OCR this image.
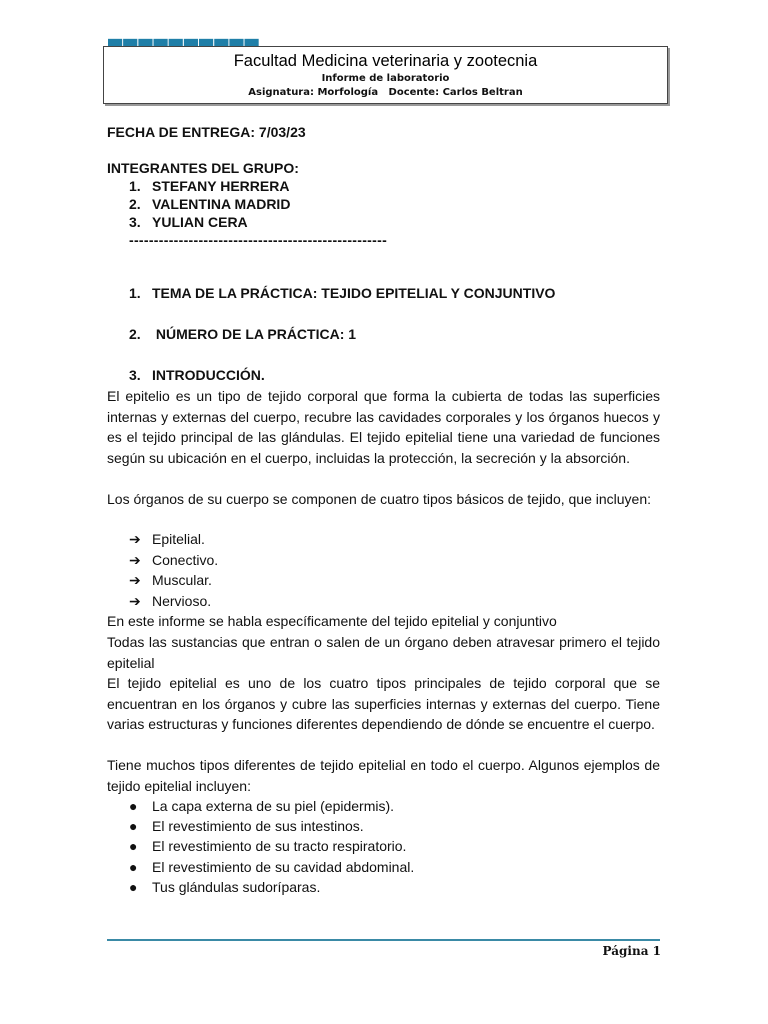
Facultad Medicina veterinaria y zootecnia
Informe de laboratorio
Asignatura: Morfología   Docente: Carlos Beltran
FECHA DE ENTREGA: 7/03/23
INTEGRANTES DEL GRUPO:
1. STEFANY HERRERA
2. VALENTINA MADRID
3. YULIAN CERA
----------------------------------------------------
1. TEMA DE LA PRÁCTICA: TEJIDO EPITELIAL Y CONJUNTIVO
2. NÚMERO DE LA PRÁCTICA: 1
3. INTRODUCCIÓN.

El epitelio es un tipo de tejido corporal que forma la cubierta de todas las superficies internas y externas del cuerpo, recubre las cavidades corporales y los órganos huecos y es el tejido principal de las glándulas. El tejido epitelial tiene una variedad de funciones según su ubicación en el cuerpo, incluidas la protección, la secreción y la absorción.

Los órganos de su cuerpo se componen de cuatro tipos básicos de tejido, que incluyen:

➔ Epitelial.
➔ Conectivo.
➔ Muscular.
➔ Nervioso.

En este informe se habla específicamente del tejido epitelial y conjuntivo

Todas las sustancias que entran o salen de un órgano deben atravesar primero el tejido epitelial

El tejido epitelial es uno de los cuatro tipos principales de tejido corporal que se encuentran en los órganos y cubre las superficies internas y externas del cuerpo. Tiene varias estructuras y funciones diferentes dependiendo de dónde se encuentre el cuerpo.

Tiene muchos tipos diferentes de tejido epitelial en todo el cuerpo. Algunos ejemplos de tejido epitelial incluyen:

● La capa externa de su piel (epidermis).
● El revestimiento de sus intestinos.
● El revestimiento de su tracto respiratorio.
● El revestimiento de su cavidad abdominal.
● Tus glándulas sudoríparas.
Página 1
